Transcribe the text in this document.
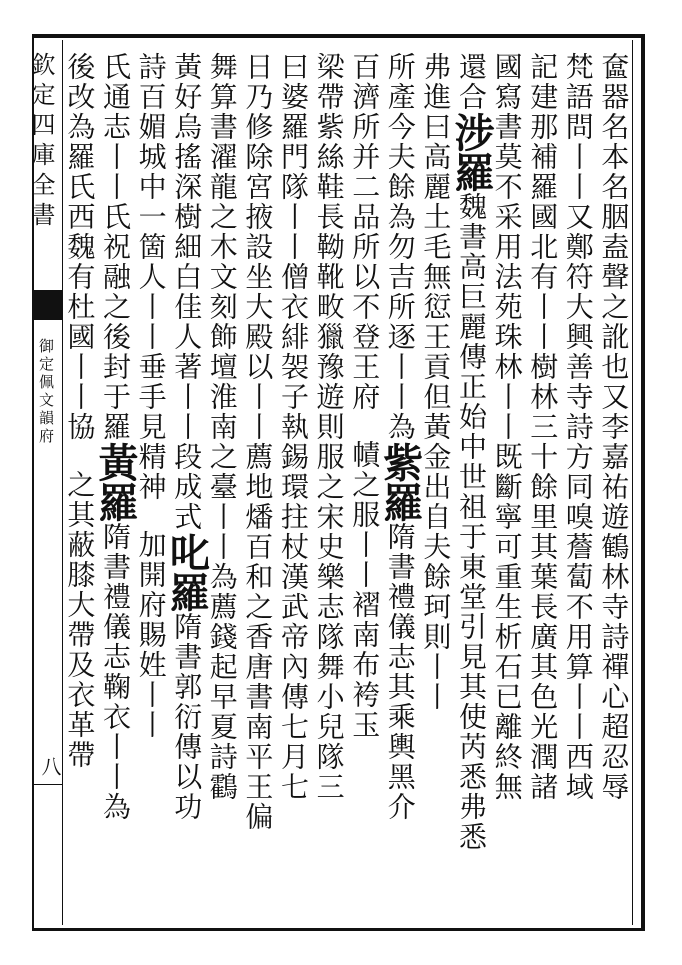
欽定四庫全書
御定佩文韻府
八	奩器名本名胭盍聲之訛也又李嘉祐遊鶴林寺詩禪心超忍辱
梵語問丨丨又鄭符大興善寺詩方同嗅薝蔔不用算丨丨西域
記建那補羅國北有丨丨樹林三十餘里其葉長廣其色光潤諸
國寫書莫不采用法苑珠林丨丨既斷寧可重生析石已離終無
還合涉羅魏書高巨麗傳正始中世祖于東堂引見其使芮悉弗悉
弗進曰高麗土毛無愆王貢但黃金出自夫餘珂則丨丨
所產今夫餘為勿吉所逐丨丨為紫羅隋書禮儀志其乘輿黑介
百濟所并二品所以不登王府幘之服丨丨褶南布袴玉
梁帶紫絲鞋長靿靴畋獵豫遊則服之宋史樂志隊舞小兒隊三
曰婆羅門隊丨丨僧衣緋袈子執錫環拄杖漢武帝內傳七月七
日乃修除宮掖設坐大殿以丨丨薦地燔百和之香唐書南平王偏
舞算書濯龍之木文刻飾壇淮南之臺丨丨為薦錢起早夏詩鸖
黃好烏搖深樹細白佳人著丨丨段成式叱羅隋書郭衍傳以功
詩百媚城中一箇人丨丨垂手見精神加開府賜姓丨丨
氏通志丨丨氏祝融之後封于羅黃羅隋書禮儀志鞠衣丨丨為
後改為羅氏西魏有杜國丨丨協之其蔽膝大帶及衣革帶
